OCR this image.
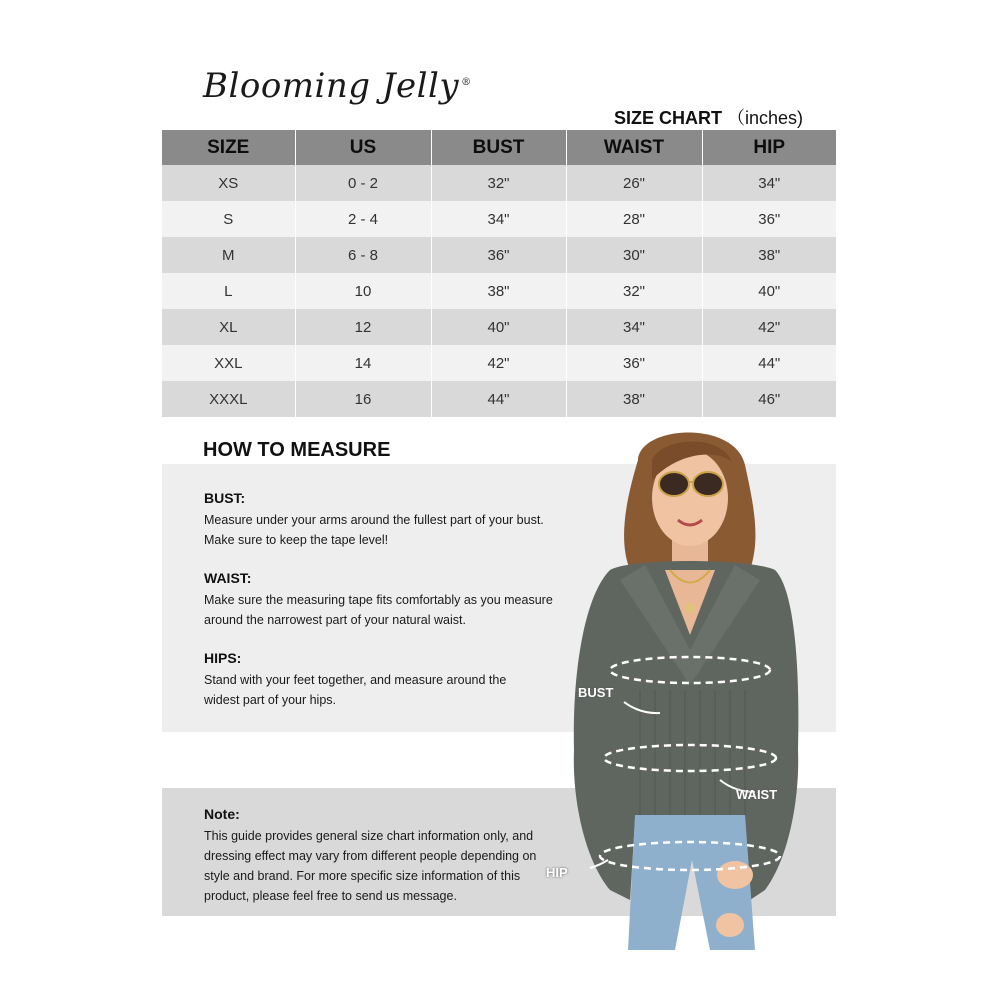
Blooming Jelly ®
SIZE CHART （inches)
SIZE	US	BUST	WAIST	HIP
XS	0 - 2	32"	26"	34"
S	2 - 4	34"	28"	36"
M	6 - 8	36"	30"	38"
L	10	38"	32"	40"
XL	12	40"	34"	42"
XXL	14	42"	36"	44"
XXXL	16	44"	38"	46"
HOW TO MEASURE
BUST:

Measure under your arms around the fullest part of your bust.

Make sure to keep the tape level!

WAIST:

Make sure the measuring tape fits comfortably as you measure

around the narrowest part of your natural waist.

HIPS:

Stand with your feet together, and measure around the

widest part of your hips.

Note:

This guide provides general size chart information only, and

dressing effect may vary from different people depending on

style and brand. For more specific size information of this

product, please feel free to send us message.

BUST
WAIST
HIP
